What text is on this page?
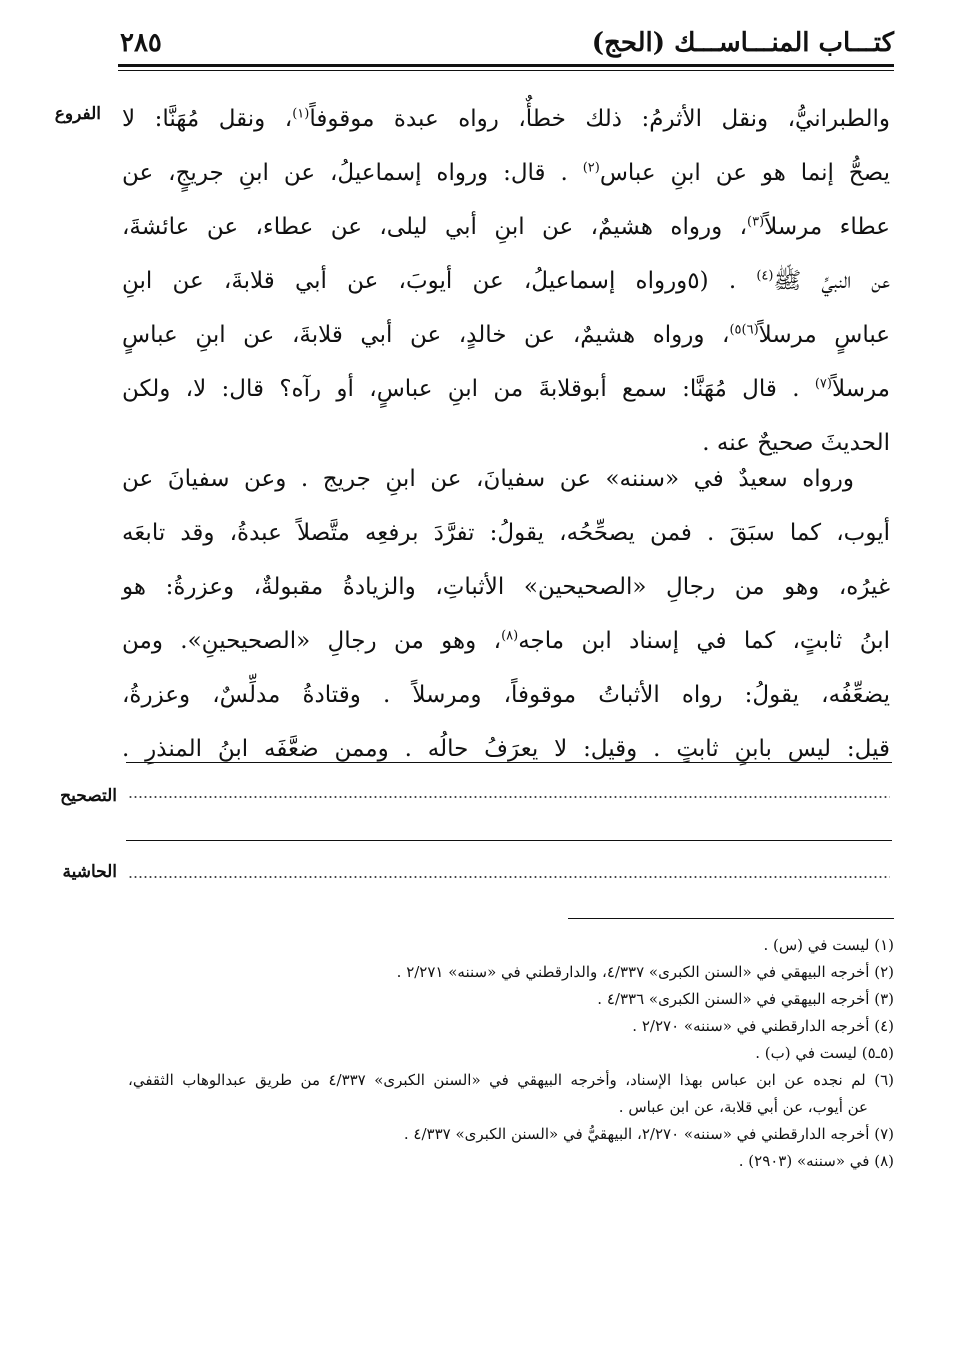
كتـــاب المنـــاســـك (الحج)
٢٨٥
الفروع	والطبرانيُّ، ونقل الأثرمُ: ذلك خطأٌ، رواه عبدة موقوفاً$^{(١)}$، ونقل مُهَنَّا: لا
يصحُّ إنما هو عن ابنِ عباس$^{(٢)}$ . قال: ورواه إسماعيلُ، عن ابنِ جريجٍ، عن
عطاء مرسلاً$^{(٣)}$، ورواه هشيمٌ، عن ابنِ أبي ليلى، عن عطاء، عن عائشةَ،
عن النبيِّ ﷺ$^{(٤)}$ . (٥ورواه إسماعيلُ، عن أيوبَ، عن أبي قلابةَ، عن ابنِ
عباسٍ مرسلاً$^{(٦)٥)}$، ورواه هشيمٌ، عن خالدٍ، عن أبي قلابةَ، عن ابنِ عباسٍ
مرسلاً$^{(٧)}$ . قال مُهَنَّا: سمع أبوقلابةَ من ابنِ عباسٍ، أو رآه؟ قال: لا، ولكن
الحديثَ صحيحٌ عنه .
ورواه سعيدٌ في «سننه» عن سفيانَ، عن ابنِ جريج . وعن سفيانَ عن
أيوب، كما سبَقَ . فمن يصحِّحُه، يقولُ: تفرَّدَ برفعِه متَّصلاً عبدةُ، وقد تابعَه
غيرُه، وهو من رجالِ «الصحيحين» الأثباتِ، والزيادةُ مقبولةٌ، وعزرةُ: هو
ابنُ ثابتٍ، كما في إسناد ابن ماجه$^{(٨)}$، وهو من رجالِ «الصحيحينِ». ومن
يضعِّفُه، يقولُ: رواه الأثباتُ موقوفاً، ومرسلاً . وقتادةُ مدلِّسٌ، وعزرةُ،
قيل: ليس بابنِ ثابتٍ . وقيل: لا يعرَفُ حالُه . وممن ضعَّفَه ابنُ المنذرِ .
التصحيح
الحاشية
(١) ليست في (س) .
(٢) أخرجه البيهقي في «السنن الكبرى» ٤/٣٣٧، والدارقطني في «سننه» ٢/٢٧١ .
(٣) أخرجه البيهقي في «السنن الكبرى» ٤/٣٣٦ .
(٤) أخرجه الدارقطني في «سننه» ٢/٢٧٠ .
(٥ـ٥) ليست في (ب) .
(٦) لم نجده عن ابن عباس بهذا الإسناد، وأخرجه البيهقي في «السنن الكبرى» ٤/٣٣٧ من طريق عبدالوهاب الثقفي،
عن أيوب، عن أبي قلابة، عن ابن عباس .
(٧) أخرجه الدارقطني في «سننه» ٢/٢٧٠، البيهقيُّ في «السنن الكبرى» ٤/٣٣٧ .
(٨) في «سننه» (٢٩٠٣) .
